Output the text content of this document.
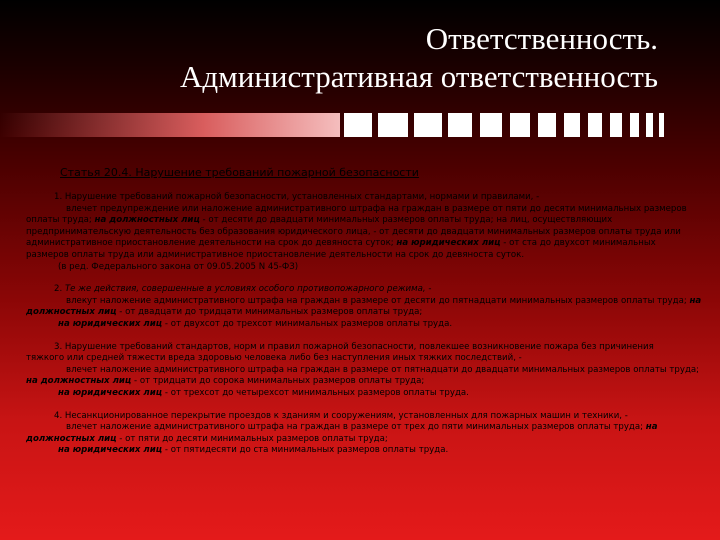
Ответственность.
Административная ответственность

Статья 20.4. Нарушение требований пожарной безопасности

1. Нарушение требований пожарной безопасности, установленных стандартами, нормами и правилами, -
влечет предупреждение или наложение административного штрафа на граждан в размере от пяти до десяти минимальных размеров
оплаты труда; на должностных лиц - от десяти до двадцати минимальных размеров оплаты труда; на лиц, осуществляющих
предпринимательскую деятельность без образования юридического лица, - от десяти до двадцати минимальных размеров оплаты труда или
административное приостановление деятельности на срок до девяноста суток; на юридических лиц - от ста до двухсот минимальных
размеров оплаты труда или административное приостановление деятельности на срок до девяноста суток.
(в ред. Федерального закона от 09.05.2005 N 45-ФЗ)
2. Те же действия, совершенные в условиях особого противопожарного режима, -
влекут наложение административного штрафа на граждан в размере от десяти до пятнадцати минимальных размеров оплаты труда; на
должностных лиц - от двадцати до тридцати минимальных размеров оплаты труда;
на юридических лиц - от двухсот до трехсот минимальных размеров оплаты труда.
3. Нарушение требований стандартов, норм и правил пожарной безопасности, повлекшее возникновение пожара без причинения
тяжкого или средней тяжести вреда здоровью человека либо без наступления иных тяжких последствий, -
влечет наложение административного штрафа на граждан в размере от пятнадцати до двадцати минимальных размеров оплаты труда;
на должностных лиц - от тридцати до сорока минимальных размеров оплаты труда;
на юридических лиц - от трехсот до четырехсот минимальных размеров оплаты труда.
4. Несанкционированное перекрытие проездов к зданиям и сооружениям, установленных для пожарных машин и техники, -
влечет наложение административного штрафа на граждан в размере от трех до пяти минимальных размеров оплаты труда; на
должностных лиц - от пяти до десяти минимальных размеров оплаты труда;
на юридических лиц - от пятидесяти до ста минимальных размеров оплаты труда.
